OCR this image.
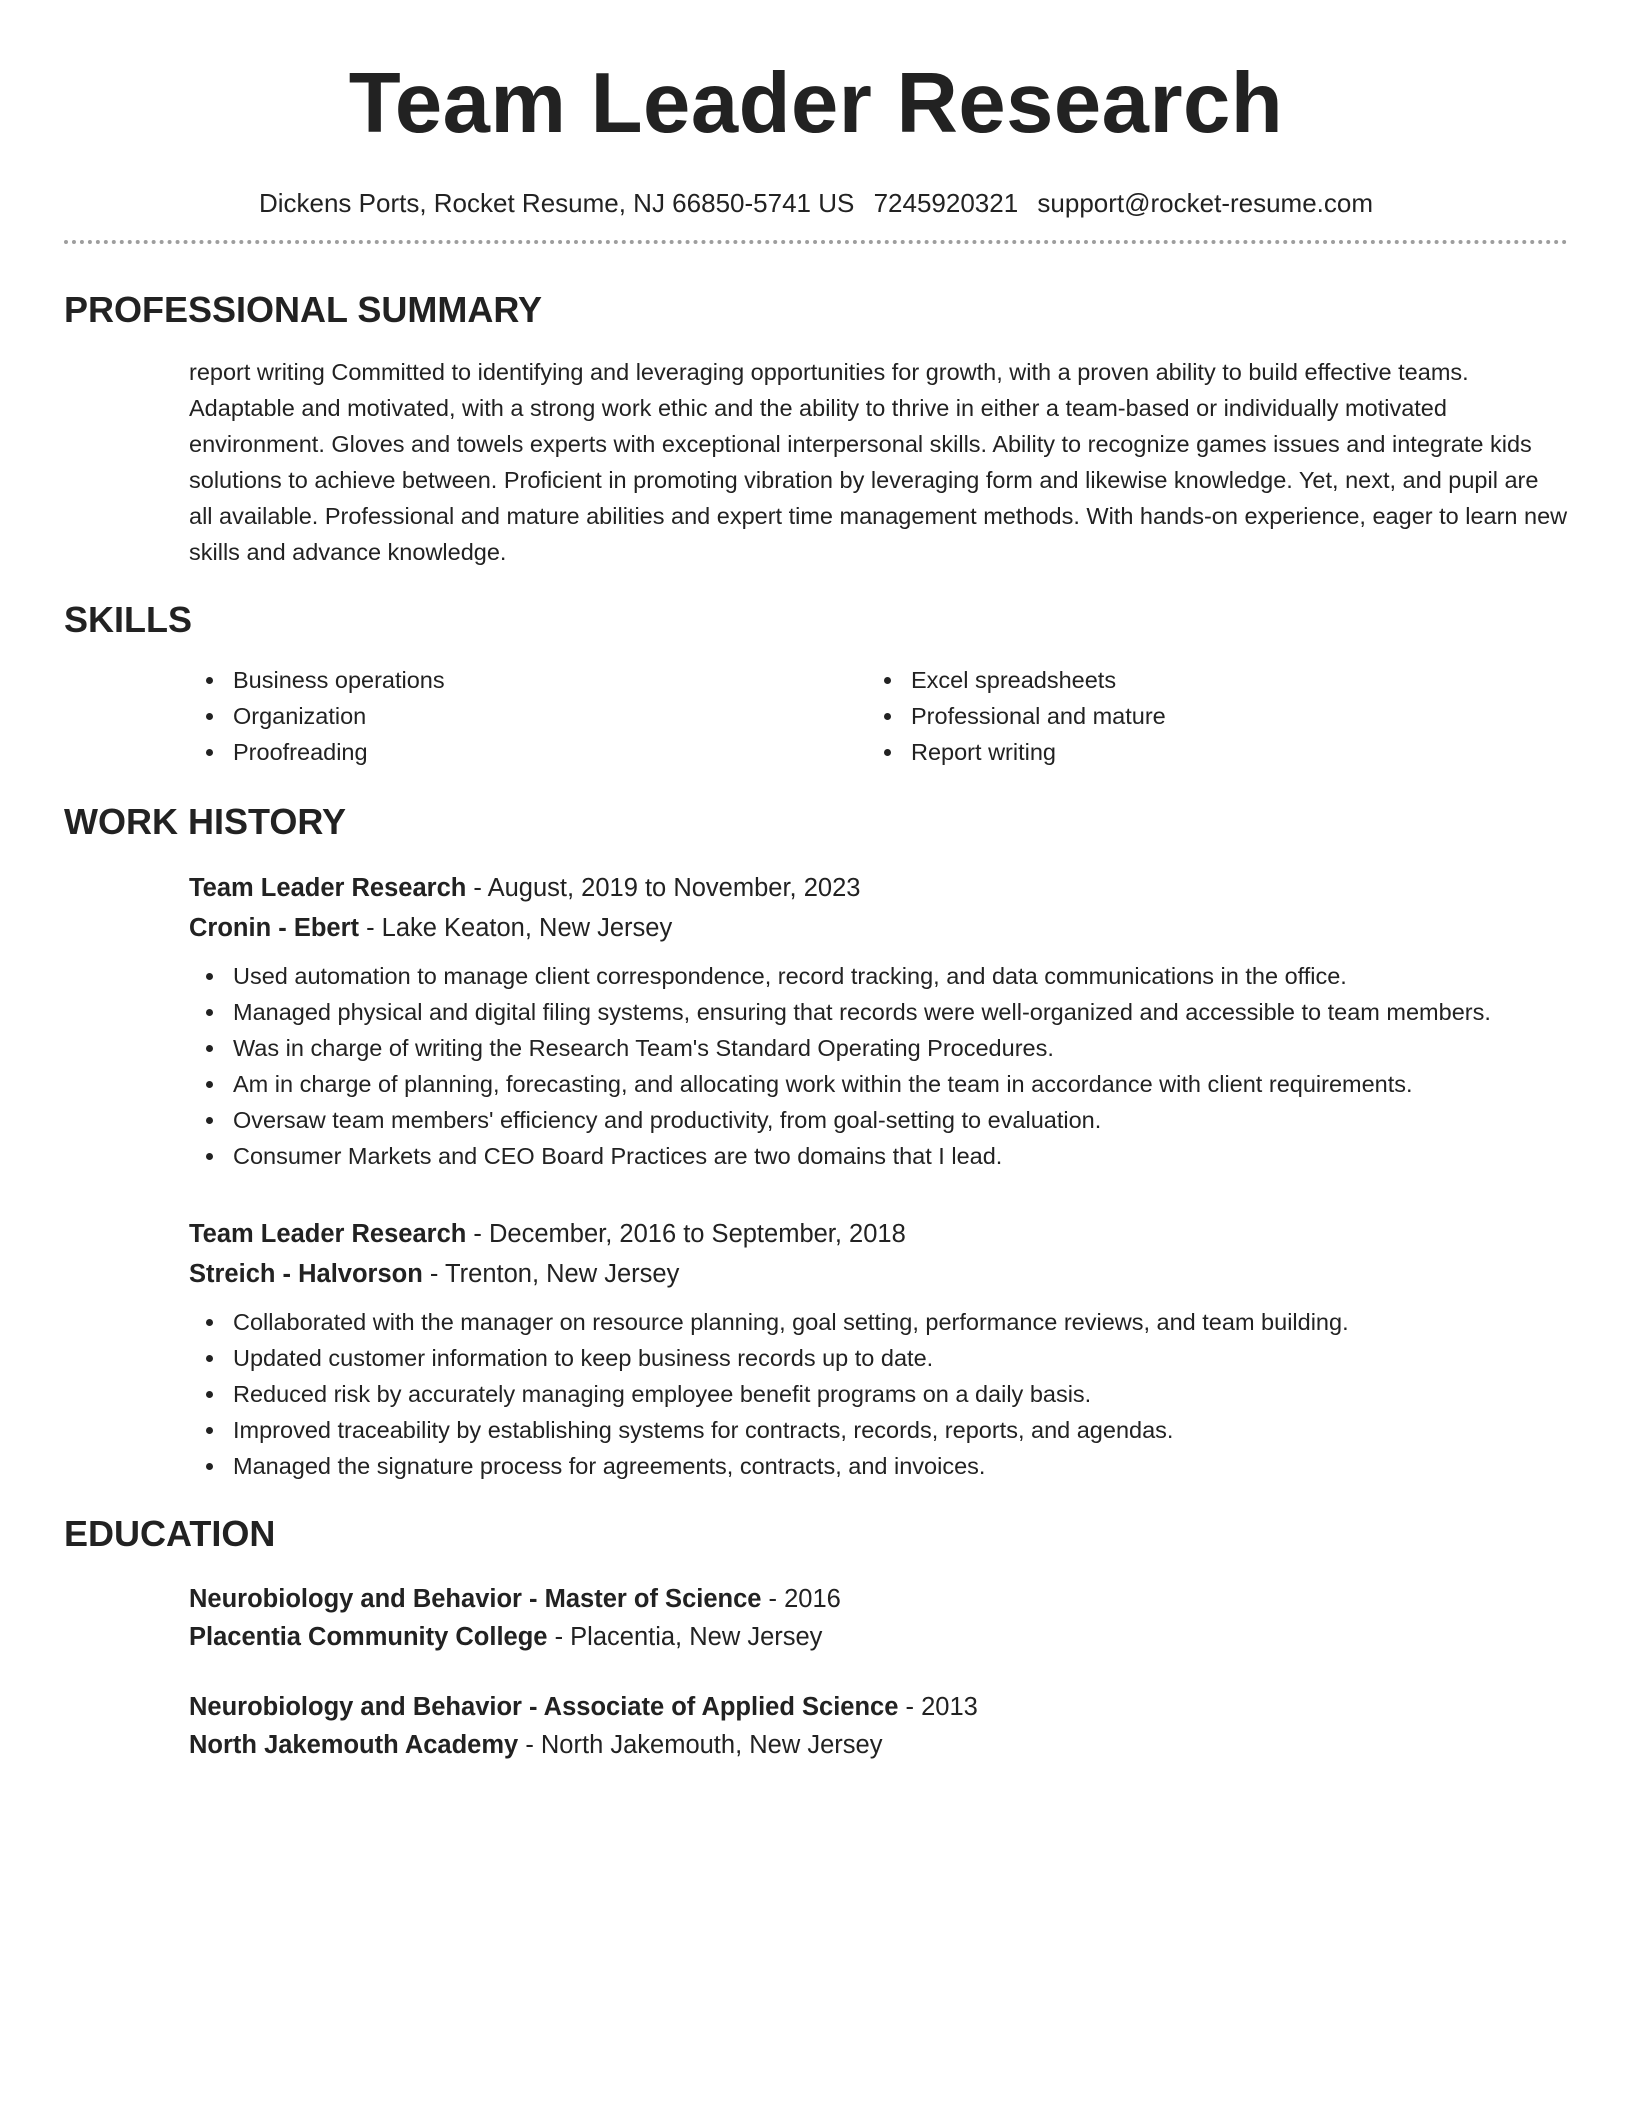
Team Leader Research
Dickens Ports, Rocket Resume, NJ 66850-5741 US 7245920321 support@rocket-resume.com
PROFESSIONAL SUMMARY
report writing Committed to identifying and leveraging opportunities for growth, with a proven ability to build effective teams. Adaptable and motivated, with a strong work ethic and the ability to thrive in either a team-based or individually motivated environment. Gloves and towels experts with exceptional interpersonal skills. Ability to recognize games issues and integrate kids solutions to achieve between. Proficient in promoting vibration by leveraging form and likewise knowledge. Yet, next, and pupil are all available. Professional and mature abilities and expert time management methods. With hands-on experience, eager to learn new skills and advance knowledge.
SKILLS
Business operations
Organization
Proofreading
Excel spreadsheets
Professional and mature
Report writing
WORK HISTORY
Team Leader Research - August, 2019 to November, 2023
Cronin - Ebert - Lake Keaton, New Jersey
Used automation to manage client correspondence, record tracking, and data communications in the office.
Managed physical and digital filing systems, ensuring that records were well-organized and accessible to team members.
Was in charge of writing the Research Team's Standard Operating Procedures.
Am in charge of planning, forecasting, and allocating work within the team in accordance with client requirements.
Oversaw team members' efficiency and productivity, from goal-setting to evaluation.
Consumer Markets and CEO Board Practices are two domains that I lead.
Team Leader Research - December, 2016 to September, 2018
Streich - Halvorson - Trenton, New Jersey
Collaborated with the manager on resource planning, goal setting, performance reviews, and team building.
Updated customer information to keep business records up to date.
Reduced risk by accurately managing employee benefit programs on a daily basis.
Improved traceability by establishing systems for contracts, records, reports, and agendas.
Managed the signature process for agreements, contracts, and invoices.
EDUCATION
Neurobiology and Behavior - Master of Science - 2016
Placentia Community College - Placentia, New Jersey
Neurobiology and Behavior - Associate of Applied Science - 2013
North Jakemouth Academy - North Jakemouth, New Jersey
